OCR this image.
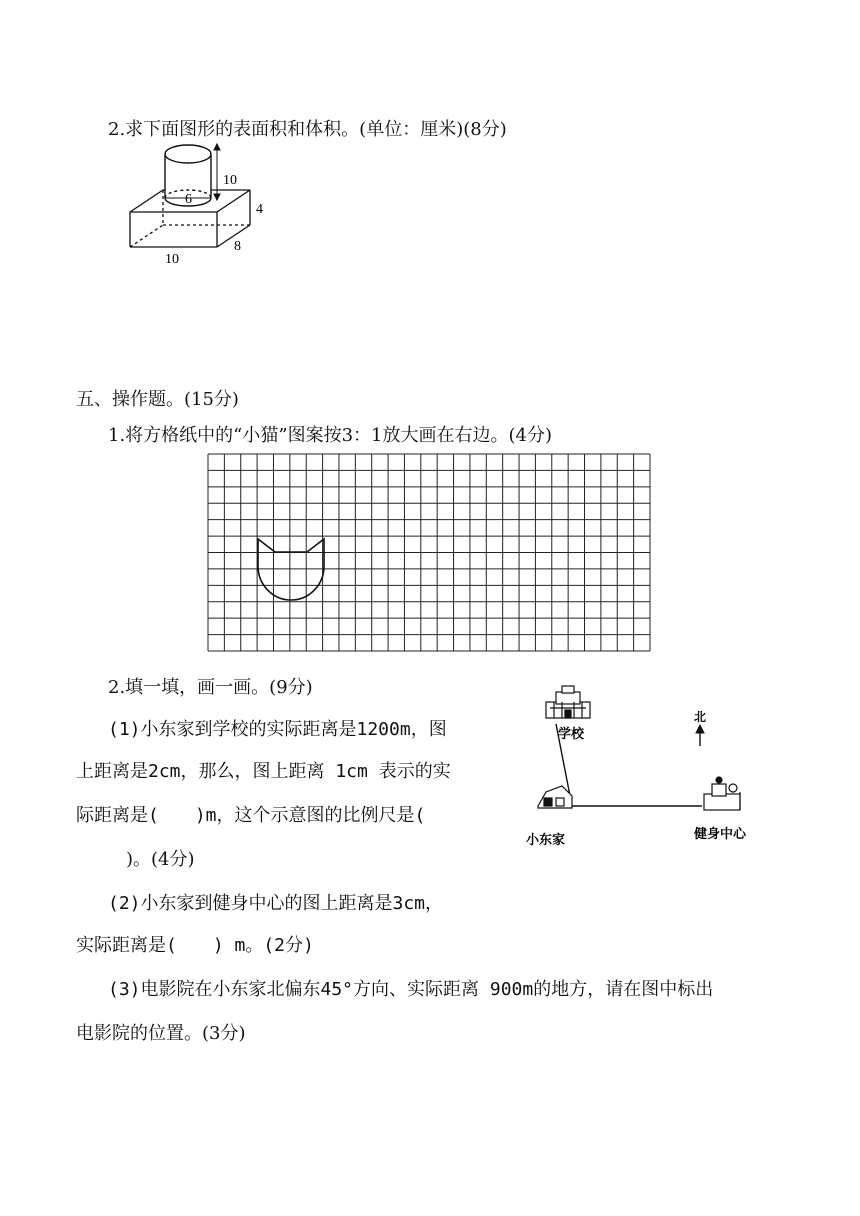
2.求下面图形的表面积和体积。(单位：厘米)(8分)
10
6
4
10
8
五、操作题。(15分)
1.将方格纸中的“小猫”图案按3：1放大画在右边。(4分)
2.填一填，画一画。(9分)
(1)小东家到学校的实际距离是1200m，图
上距离是2cm，那么，图上距离 1cm 表示的实
际距离是(　　)m，这个示意图的比例尺是(
　)。(4分)
(2)小东家到健身中心的图上距离是3cm，
实际距离是(　　) m。(2分)
(3)电影院在小东家北偏东45°方向、实际距离 900m的地方，请在图中标出
电影院的位置。(3分)
学校
北
小东家	健身中心
